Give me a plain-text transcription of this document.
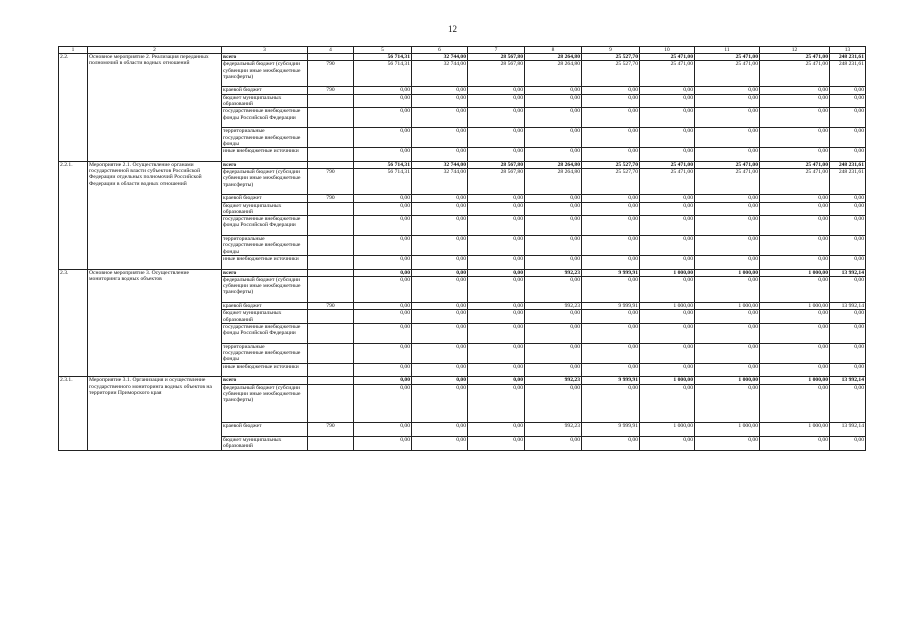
12
1	2	3	4	5	6	7	8	9	10	11	12	13
2.2.	Основное мероприятие 2. Реализация переданных полномочий в области водных отношений	всего		56 714,31	32 744,00	28 567,80	28 264,80	25 527,70	25 471,00	25 471,00	25 471,00	248 231,61
		федеральный бюджет (субсидии субвенции иные межбюджетные трансферты)	790	56 714,31	32 744,00	28 567,80	28 264,80	25 527,70	25 471,00	25 471,00	25 471,00	248 231,61
		краевой бюджет	790	0,00	0,00	0,00	0,00	0,00	0,00	0,00	0,00	0,00
		бюджет муниципальных образований		0,00	0,00	0,00	0,00	0,00	0,00	0,00	0,00	0,00
		государственные внебюджетные фонды Российской Федерации		0,00	0,00	0,00	0,00	0,00	0,00	0,00	0,00	0,00
		территориальные государственные внебюджетные фонды		0,00	0,00	0,00	0,00	0,00	0,00	0,00	0,00	0,00
		иные внебюджетные источники		0,00	0,00	0,00	0,00	0,00	0,00	0,00	0,00	0,00
2.2.1.	Мероприятие 2.1. Осуществление органами государственной власти субъектов Российской Федерации отдельных полномочий Российской Федерации в области водных отношений	всего		56 714,31	32 744,00	28 567,80	28 264,80	25 527,70	25 471,00	25 471,00	25 471,00	248 231,61
		федеральный бюджет (субсидии субвенции иные межбюджетные трансферты)	790	56 714,31	32 744,00	28 567,80	28 264,80	25 527,70	25 471,00	25 471,00	25 471,00	248 231,61
		краевой бюджет	790	0,00	0,00	0,00	0,00	0,00	0,00	0,00	0,00	0,00
		бюджет муниципальных образований		0,00	0,00	0,00	0,00	0,00	0,00	0,00	0,00	0,00
		государственные внебюджетные фонды Российской Федерации		0,00	0,00	0,00	0,00	0,00	0,00	0,00	0,00	0,00
		территориальные государственные внебюджетные фонды		0,00	0,00	0,00	0,00	0,00	0,00	0,00	0,00	0,00
		иные внебюджетные источники		0,00	0,00	0,00	0,00	0,00	0,00	0,00	0,00	0,00
2.3.	Основное мероприятие 3. Осуществление мониторинга водных объектов	всего		0,00	0,00	0,00	992,23	9 999,91	1 000,00	1 000,00	1 000,00	13 992,14
		федеральный бюджет (субсидии субвенции иные межбюджетные трансферты)		0,00	0,00	0,00	0,00	0,00	0,00	0,00	0,00	0,00
		краевой бюджет	790	0,00	0,00	0,00	992,23	9 999,91	1 000,00	1 000,00	1 000,00	13 992,14
		бюджет муниципальных образований		0,00	0,00	0,00	0,00	0,00	0,00	0,00	0,00	0,00
		государственные внебюджетные фонды Российской Федерации		0,00	0,00	0,00	0,00	0,00	0,00	0,00	0,00	0,00
		территориальные государственные внебюджетные фонды		0,00	0,00	0,00	0,00	0,00	0,00	0,00	0,00	0,00
		иные внебюджетные источники		0,00	0,00	0,00	0,00	0,00	0,00	0,00	0,00	0,00
2.3.1.	Мероприятие 3.1. Организация и осуществление государственного мониторинга водных объектов на территории Приморского края	всего		0,00	0,00	0,00	992,23	9 999,91	1 000,00	1 000,00	1 000,00	13 992,14
		федеральный бюджет (субсидии субвенции иные межбюджетные трансферты)		0,00	0,00	0,00	0,00	0,00	0,00	0,00	0,00	0,00
		краевой бюджет	790	0,00	0,00	0,00	992,23	9 999,91	1 000,00	1 000,00	1 000,00	13 992,14
		бюджет муниципальных образований		0,00	0,00	0,00	0,00	0,00	0,00	0,00	0,00	0,00
